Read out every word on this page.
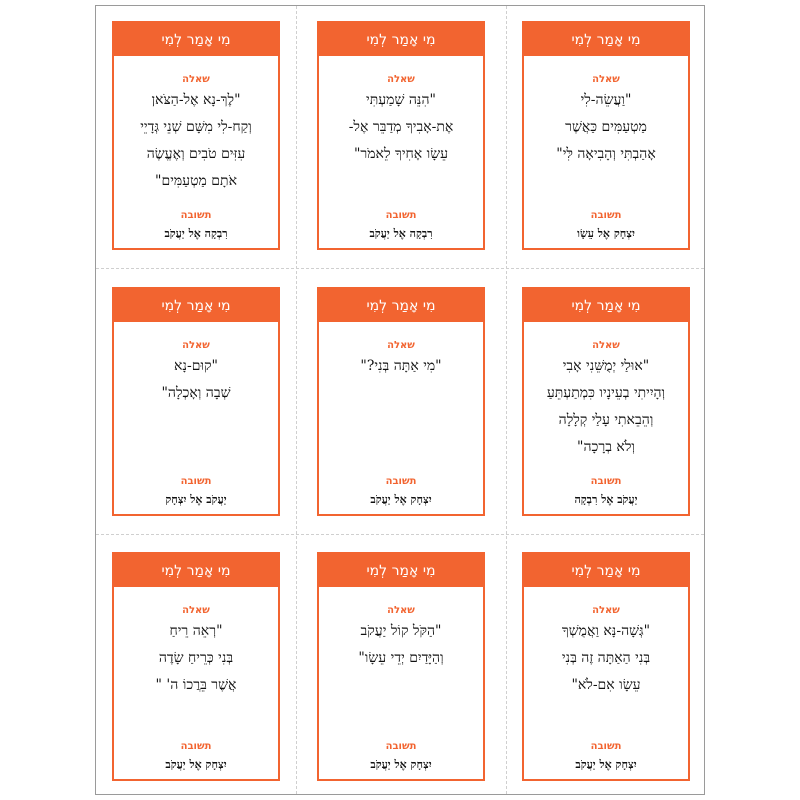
מִי אָמַר לְמִי
שאלה
"וַעֲשֵׂה-לִי
מַטְעַמִּים כַּאֲשֶׁר
אָהַבְתִּי וְהָבִיאָה לִּי"
תשובה
יִצְחָק אֶל עֵשָׂו
מִי אָמַר לְמִי
שאלה
"הִנֵּה שָׁמַעְתִּי
אֶת-אָבִיךָ מְדַבֵּר אֶל-
עֵשָׂו אָחִיךָ לֵאמֹר"
תשובה
רִבְקָה אֶל יַעֲקֹב
מִי אָמַר לְמִי
שאלה
"לֶךְ-נָא אֶל-הַצֹּאן
וְקַח-לִי מִשָּׁם שְׁנֵי גְּדָיֵי
עִזִּים טֹבִים וְאֶעֱשֶׂה
אֹתָם מַטְעַמִּים"
תשובה
רִבְקָה אֶל יַעֲקֹב
מִי אָמַר לְמִי
שאלה
"אוּלַי יְמֻשֵּׁנִי אָבִי
וְהָיִיתִי בְעֵינָיו כִּמְתַעְתֵּעַ
וְהֵבֵאתִי עָלַי קְלָלָה
וְלֹא בְרָכָה"
תשובה
יַעֲקֹב אֶל רִבְקָה
מִי אָמַר לְמִי
שאלה
"מִי אַתָּה בְּנִי?"
תשובה
יִצְחָק אֶל יַעֲקֹב
מִי אָמַר לְמִי
שאלה
"קוּם-נָא
שְׁבָה וְאָכְלָה"
תשובה
יַעֲקֹב אֶל יִצְחָק
מִי אָמַר לְמִי
שאלה
"גְּשָׁה-נָּא וַאֲמֻשְׁךָ
בְּנִי הַאַתָּה זֶה בְּנִי
עֵשָׂו אִם-לֹא"
תשובה
יִצְחָק אֶל יַעֲקֹב
מִי אָמַר לְמִי
שאלה
"הַקֹּל קוֹל יַעֲקֹב
וְהַיָּדַיִם יְדֵי עֵשָׂו"
תשובה
יִצְחָק אֶל יַעֲקֹב
מִי אָמַר לְמִי
שאלה
"רְאֵה רֵיחַ
בְּנִי כְּרֵיחַ שָׂדֶה
אֲשֶׁר בֵּרֲכוֹ ה' "
תשובה
יִצְחָק אֶל יַעֲקֹב
